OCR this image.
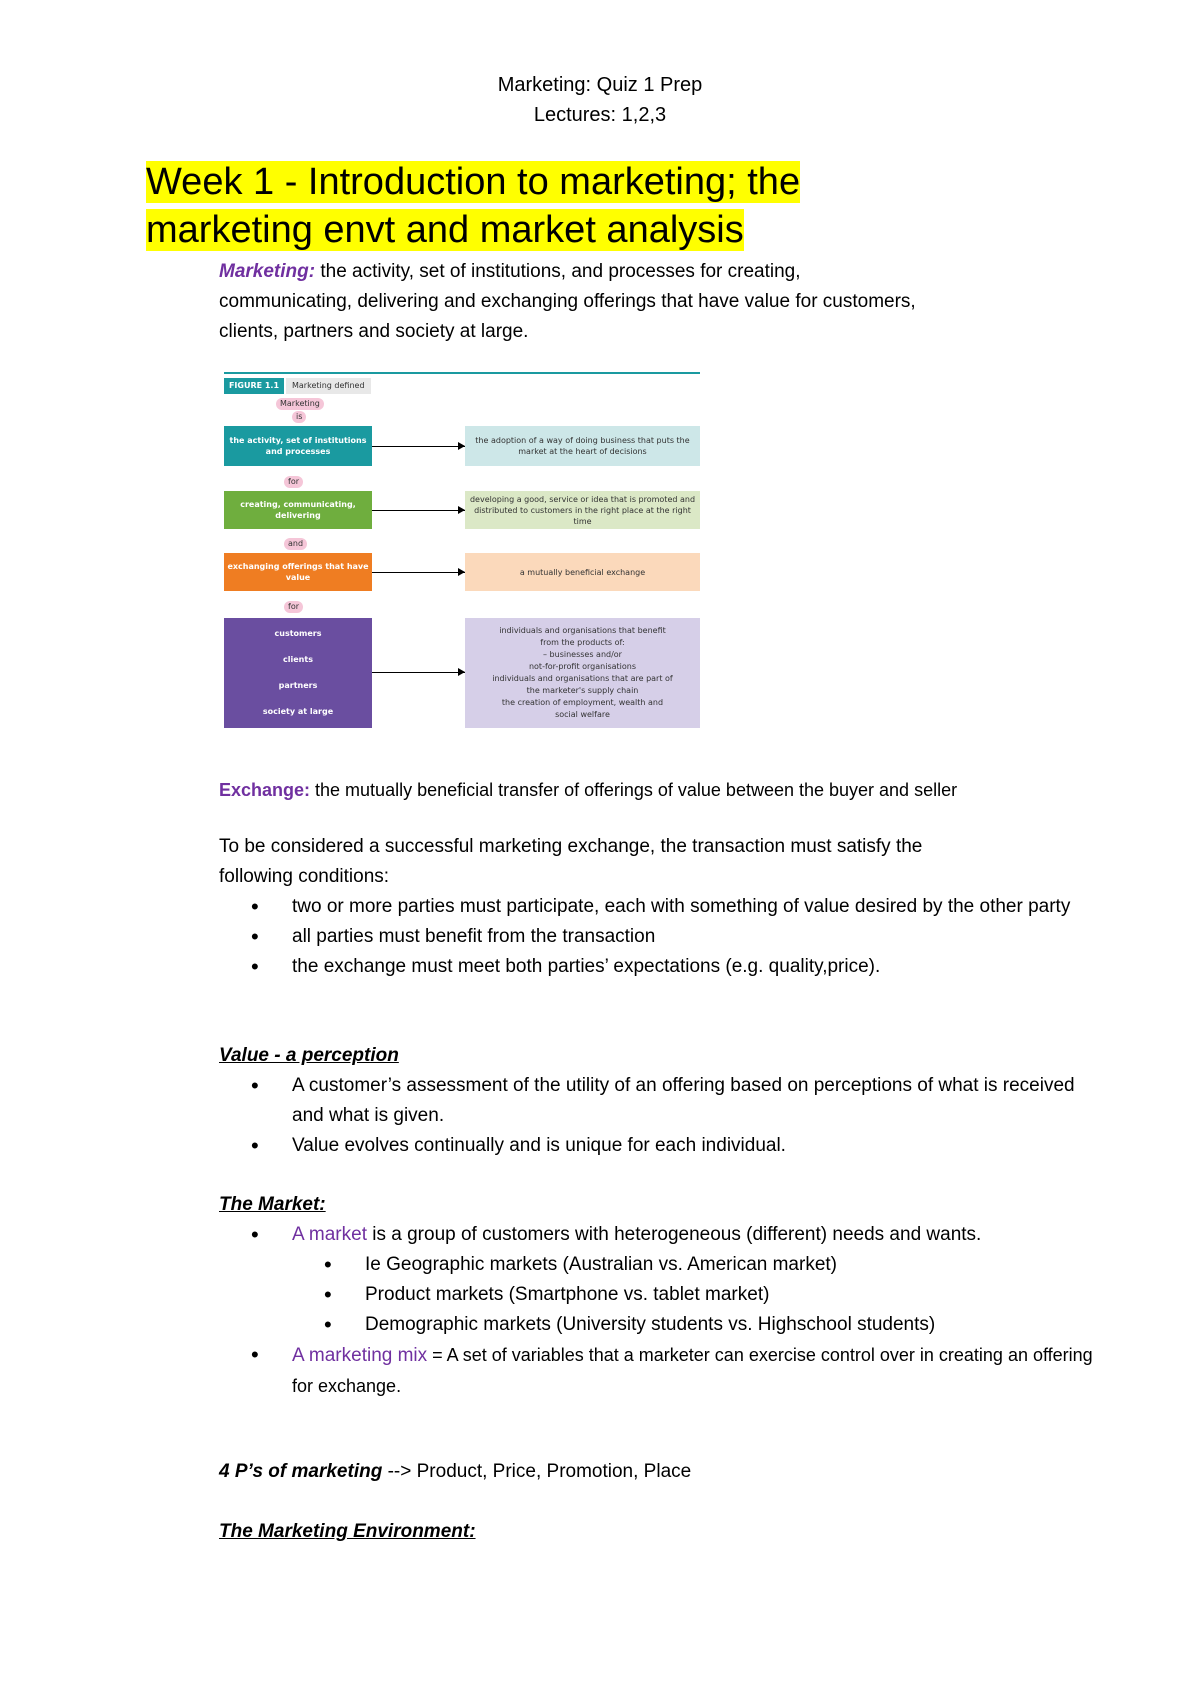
Marketing: Quiz 1 Prep
Lectures: 1,2,3
Week 1 - Introduction to marketing; the
marketing envt and market analysis
Marketing: the activity, set of institutions, and processes for creating,
communicating, delivering and exchanging offerings that have value for customers,
clients, partners and society at large.
FIGURE 1.1	Marketing defined
Marketing
is
the activity, set of institutions and processes
the adoption of a way of doing business that puts the market at the heart of decisions
for
creating, communicating, delivering
developing a good, service or idea that is promoted and distributed to customers in the right place at the right time
and
exchanging offerings that have value
a mutually beneficial exchange
for
customers
clients
partners
society at large
individuals and organisations that benefit
from the products of:
– businesses and/or
not-for-profit organisations
individuals and organisations that are part of
the marketer's supply chain
the creation of employment, wealth and
social welfare
Exchange: the mutually beneficial transfer of offerings of value between the buyer and seller
To be considered a successful marketing exchange, the transaction must satisfy the
following conditions:
• two or more parties must participate, each with something of value desired by the other party
• all parties must benefit from the transaction
• the exchange must meet both parties’ expectations (e.g. quality,price).
Value - a perception
• A customer’s assessment of the utility of an offering based on perceptions of what is received and what is given.
• Value evolves continually and is unique for each individual.
The Market:
• A market is a group of customers with heterogeneous (different) needs and wants.
• Ie Geographic markets (Australian vs. American market)
• Product markets (Smartphone vs. tablet market)
• Demographic markets (University students vs. Highschool students)
• A marketing mix = A set of variables that a marketer can exercise control over in creating an offering for exchange.
4 P’s of marketing --> Product, Price, Promotion, Place
The Marketing Environment:
